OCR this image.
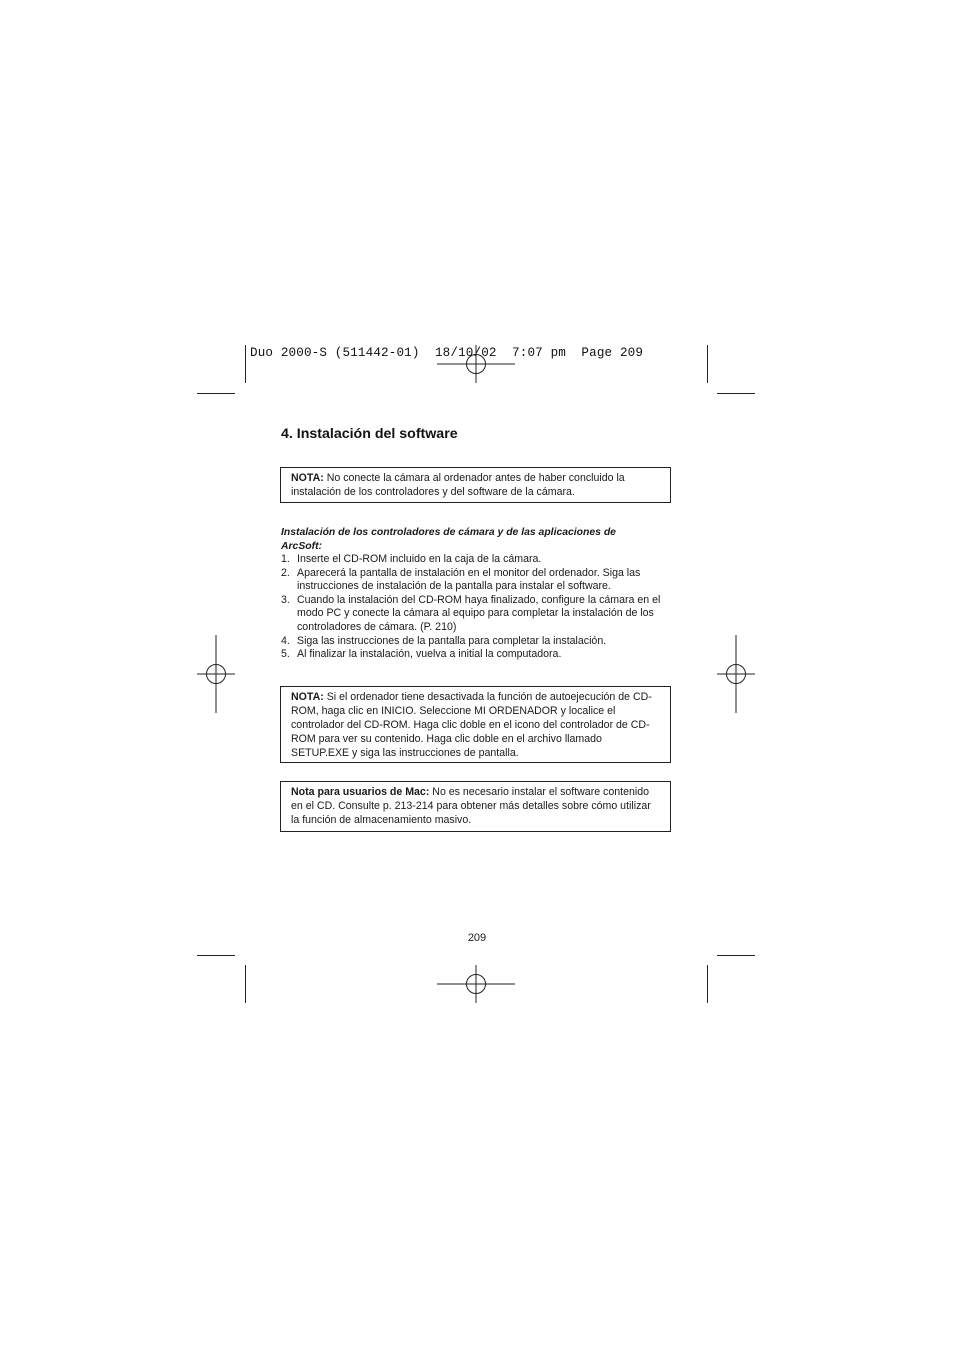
Duo 2000-S (511442-01)  18/10/02  7:07 pm  Page 209
4. Instalación del software
NOTA: No conecte la cámara al ordenador antes de haber concluido la instalación de los controladores y del software de la cámara.

Instalación de los controladores de cámara y de las aplicaciones de ArcSoft:

1. Inserte el CD-ROM incluido en la caja de la cámara.
2. Aparecerá la pantalla de instalación en el monitor del ordenador. Siga las instrucciones de instalación de la pantalla para instalar el software.
3. Cuando la instalación del CD-ROM haya finalizado, configure la cámara en el modo PC y conecte la cámara al equipo para completar la instalación de los controladores de cámara. (P. 210)
4. Siga las instrucciones de la pantalla para completar la instalación.
5. Al finalizar la instalación, vuelva a initial la computadora.
NOTA: Si el ordenador tiene desactivada la función de autoejecución de CD-ROM, haga clic en INICIO. Seleccione MI ORDENADOR y localice el controlador del CD-ROM. Haga clic doble en el icono del controlador de CD-ROM para ver su contenido. Haga clic doble en el archivo llamado SETUP.EXE y siga las instrucciones de pantalla.
Nota para usuarios de Mac: No es necesario instalar el software contenido en el CD. Consulte p. 213-214 para obtener más detalles sobre cómo utilizar la función de almacenamiento masivo.
209
